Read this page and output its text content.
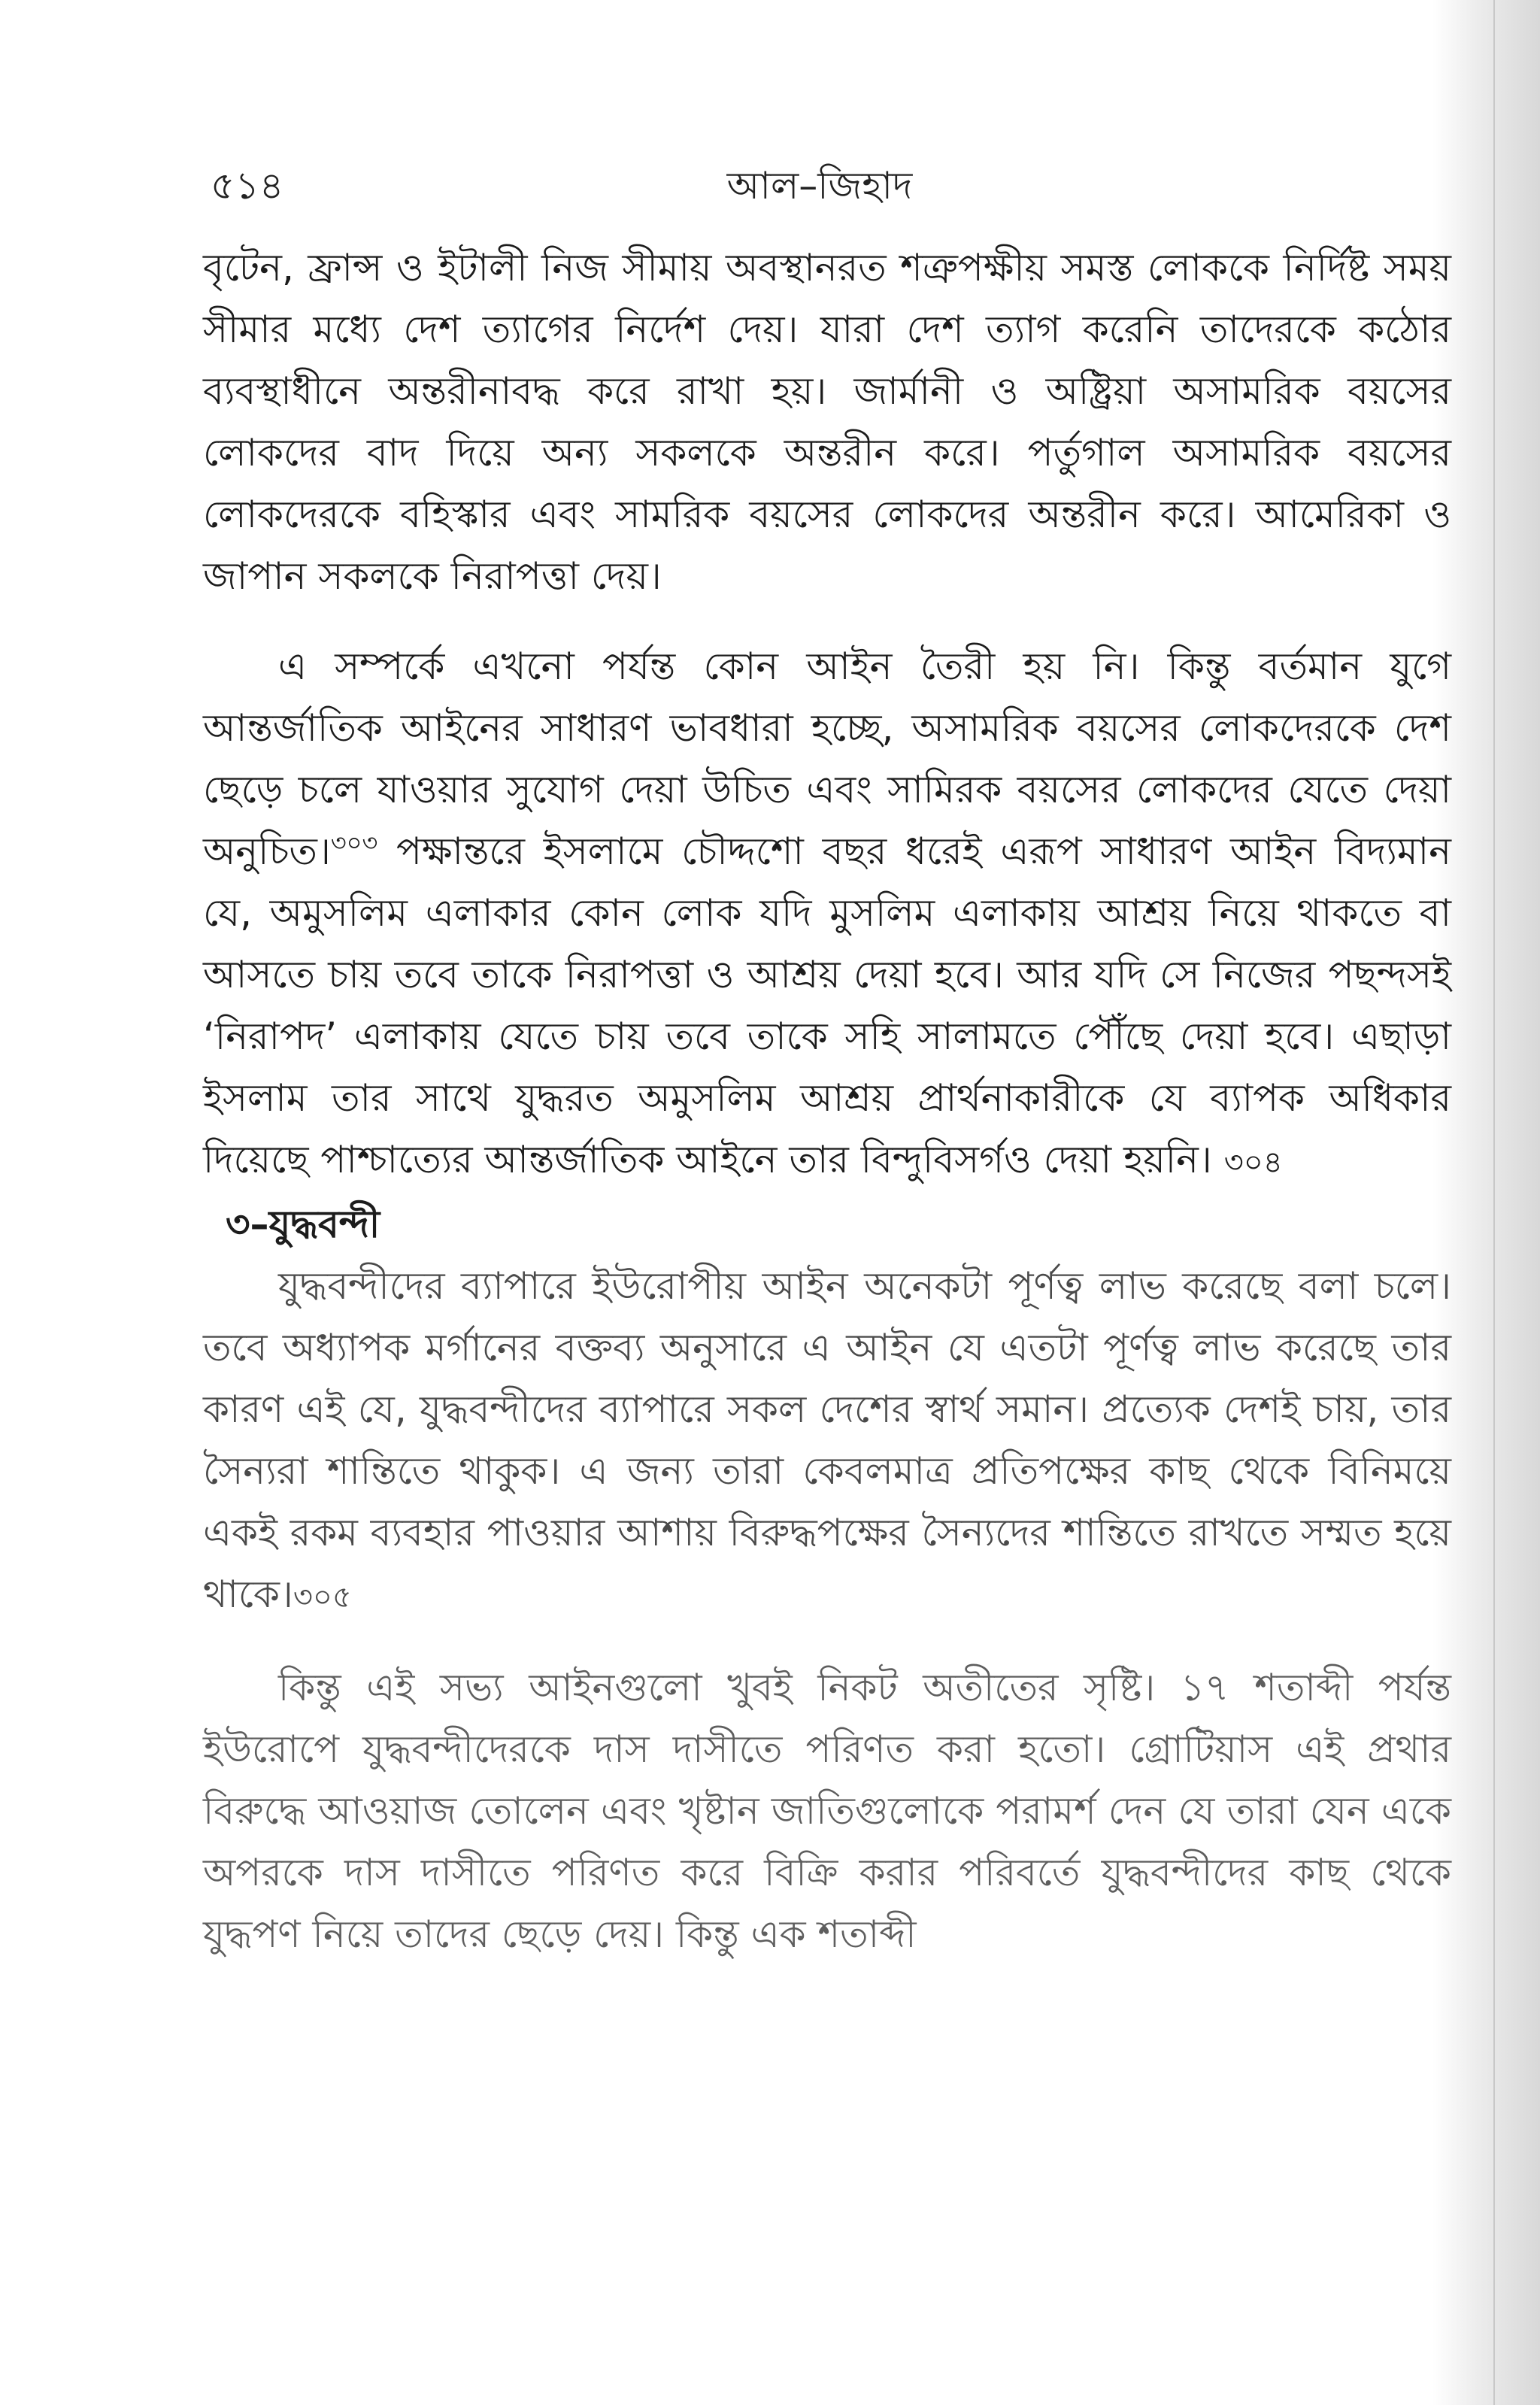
৫১৪	আল–জিহাদ

বৃটেন, ফ্রান্স ও ইটালী নিজ সীমায় অবস্থানরত শত্রুপক্ষীয় সমস্ত লোককে নির্দিষ্ট সময় সীমার মধ্যে দেশ ত্যাগের নির্দেশ দেয়। যারা দেশ ত্যাগ করেনি তাদেরকে কঠোর ব্যবস্থাধীনে অন্তরীনাবদ্ধ করে রাখা হয়। জার্মানী ও অষ্ট্রিয়া অসামরিক বয়সের লোকদের বাদ দিয়ে অন্য সকলকে অন্তরীন করে। পর্তুগাল অসামরিক বয়সের লোকদেরকে বহিস্কার এবং সামরিক বয়সের লোকদের অন্তরীন করে। আমেরিকা ও জাপান সকলকে নিরাপত্তা দেয়।

এ সম্পর্কে এখনো পর্যন্ত কোন আইন তৈরী হয় নি। কিন্তু বর্তমান যুগে আন্তর্জাতিক আইনের সাধারণ ভাবধারা হচ্ছে, অসামরিক বয়সের লোকদেরকে দেশ ছেড়ে চলে যাওয়ার সুযোগ দেয়া উচিত এবং সামিরক বয়সের লোকদের যেতে দেয়া অনুচিত।$^{৩০৩}$ পক্ষান্তরে ইসলামে চৌদ্দশো বছর ধরেই এরূপ সাধারণ আইন বিদ্যমান যে, অমুসলিম এলাকার কোন লোক যদি মুসলিম এলাকায় আশ্রয় নিয়ে থাকতে বা আসতে চায় তবে তাকে নিরাপত্তা ও আশ্রয় দেয়া হবে। আর যদি সে নিজের পছন্দসই ‘নিরাপদ’ এলাকায় যেতে চায় তবে তাকে সহি সালামতে পৌঁছে দেয়া হবে। এছাড়া ইসলাম তার সাথে যুদ্ধরত অমুসলিম আশ্রয় প্রার্থনাকারীকে যে ব্যাপক অধিকার দিয়েছে পাশ্চাত্যের আন্তর্জাতিক আইনে তার বিন্দুবিসর্গও দেয়া হয়নি। ৩০৪

৩–যুদ্ধবন্দী

যুদ্ধবন্দীদের ব্যাপারে ইউরোপীয় আইন অনেকটা পূর্ণত্ব লাভ করেছে বলা চলে। তবে অধ্যাপক মর্গানের বক্তব্য অনুসারে এ আইন যে এতটা পূর্ণত্ব লাভ করেছে তার কারণ এই যে, যুদ্ধবন্দীদের ব্যাপারে সকল দেশের স্বার্থ সমান। প্রত্যেক দেশই চায়, তার সৈন্যরা শান্তিতে থাকুক। এ জন্য তারা কেবলমাত্র প্রতিপক্ষের কাছ থেকে বিনিময়ে একই রকম ব্যবহার পাওয়ার আশায় বিরুদ্ধপক্ষের সৈন্যদের শান্তিতে রাখতে সম্মত হয়ে থাকে।৩০৫

কিন্তু এই সভ্য আইনগুলো খুবই নিকট অতীতের সৃষ্টি। ১৭ শতাব্দী পর্যন্ত ইউরোপে যুদ্ধবন্দীদেরকে দাস দাসীতে পরিণত করা হতো। গ্রোটিয়াস এই প্রথার বিরুদ্ধে আওয়াজ তোলেন এবং খৃষ্টান জাতিগুলোকে পরামর্শ দেন যে তারা যেন একে অপরকে দাস দাসীতে পরিণত করে বিক্রি করার পরিবর্তে যুদ্ধবন্দীদের কাছ থেকে যুদ্ধপণ নিয়ে তাদের ছেড়ে দেয়। কিন্তু এক শতাব্দী
